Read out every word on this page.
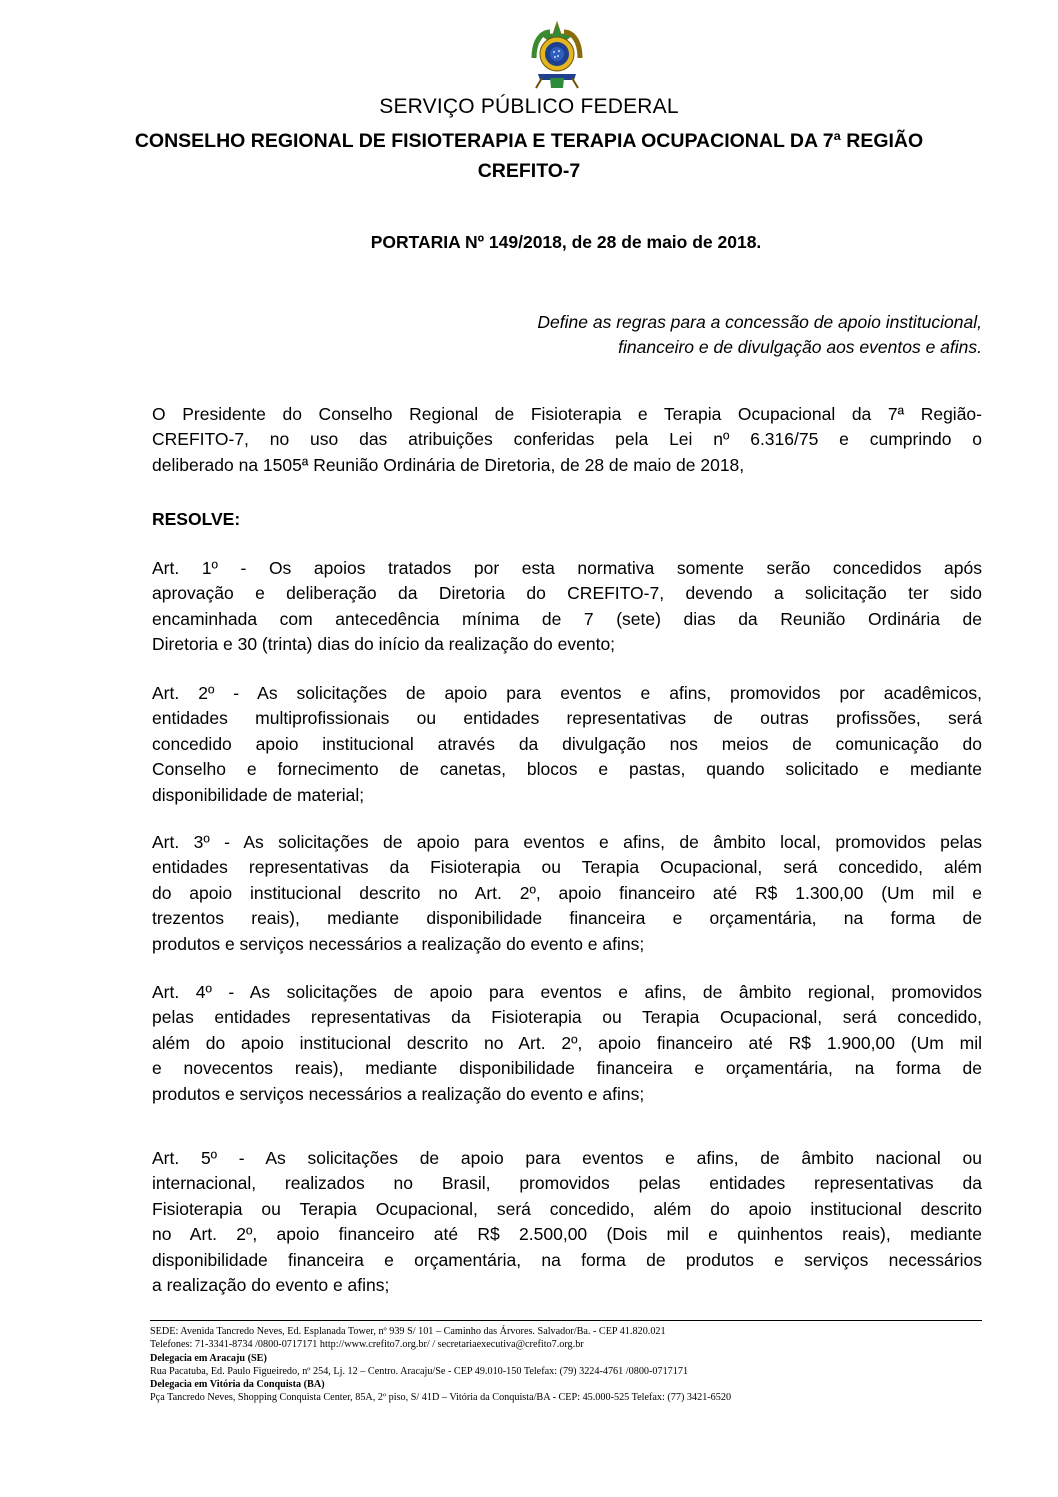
SERVIÇO PÚBLICO FEDERAL
CONSELHO REGIONAL DE FISIOTERAPIA E TERAPIA OCUPACIONAL DA 7ª REGIÃO
CREFITO-7
PORTARIA Nº 149/2018, de 28 de maio de 2018.
Define as regras para a concessão de apoio institucional,
financeiro e de divulgação aos eventos e afins.
O Presidente do Conselho Regional de Fisioterapia e Terapia Ocupacional da 7ª Região-
CREFITO-7, no uso das atribuições conferidas pela Lei nº 6.316/75 e cumprindo o
deliberado na 1505ª Reunião Ordinária de Diretoria, de 28 de maio de 2018,
RESOLVE:
Art. 1º - Os apoios tratados por esta normativa somente serão concedidos após
aprovação e deliberação da Diretoria do CREFITO-7, devendo a solicitação ter sido
encaminhada com antecedência mínima de 7 (sete) dias da Reunião Ordinária de
Diretoria e 30 (trinta) dias do início da realização do evento;
Art. 2º - As solicitações de apoio para eventos e afins, promovidos por acadêmicos,
entidades multiprofissionais ou entidades representativas de outras profissões, será
concedido apoio institucional através da divulgação nos meios de comunicação do
Conselho e fornecimento de canetas, blocos e pastas, quando solicitado e mediante
disponibilidade de material;
Art. 3º - As solicitações de apoio para eventos e afins, de âmbito local, promovidos pelas
entidades representativas da Fisioterapia ou Terapia Ocupacional, será concedido, além
do apoio institucional descrito no Art. 2º, apoio financeiro até R$ 1.300,00 (Um mil e
trezentos reais), mediante disponibilidade financeira e orçamentária, na forma de
produtos e serviços necessários a realização do evento e afins;
Art. 4º - As solicitações de apoio para eventos e afins, de âmbito regional, promovidos
pelas entidades representativas da Fisioterapia ou Terapia Ocupacional, será concedido,
além do apoio institucional descrito no Art. 2º, apoio financeiro até R$ 1.900,00 (Um mil
e novecentos reais), mediante disponibilidade financeira e orçamentária, na forma de
produtos e serviços necessários a realização do evento e afins;
Art. 5º - As solicitações de apoio para eventos e afins, de âmbito nacional ou
internacional, realizados no Brasil, promovidos pelas entidades representativas da
Fisioterapia ou Terapia Ocupacional, será concedido, além do apoio institucional descrito
no Art. 2º, apoio financeiro até R$ 2.500,00 (Dois mil e quinhentos reais), mediante
disponibilidade financeira e orçamentária, na forma de produtos e serviços necessários
a realização do evento e afins;
SEDE: Avenida Tancredo Neves, Ed. Esplanada Tower, nº 939 S/ 101 – Caminho das Árvores. Salvador/Ba. - CEP 41.820.021
Telefones: 71-3341-8734 /0800-0717171 http://www.crefito7.org.br/ / secretariaexecutiva@crefito7.org.br
Delegacia em Aracaju (SE)
Rua Pacatuba, Ed. Paulo Figueiredo, nº 254, Lj. 12 – Centro. Aracaju/Se - CEP 49.010-150 Telefax: (79) 3224-4761 /0800-0717171
Delegacia em Vitória da Conquista (BA)
Pça Tancredo Neves, Shopping Conquista Center, 85A, 2º piso, S/ 41D – Vitória da Conquista/BA - CEP: 45.000-525 Telefax: (77) 3421-6520
